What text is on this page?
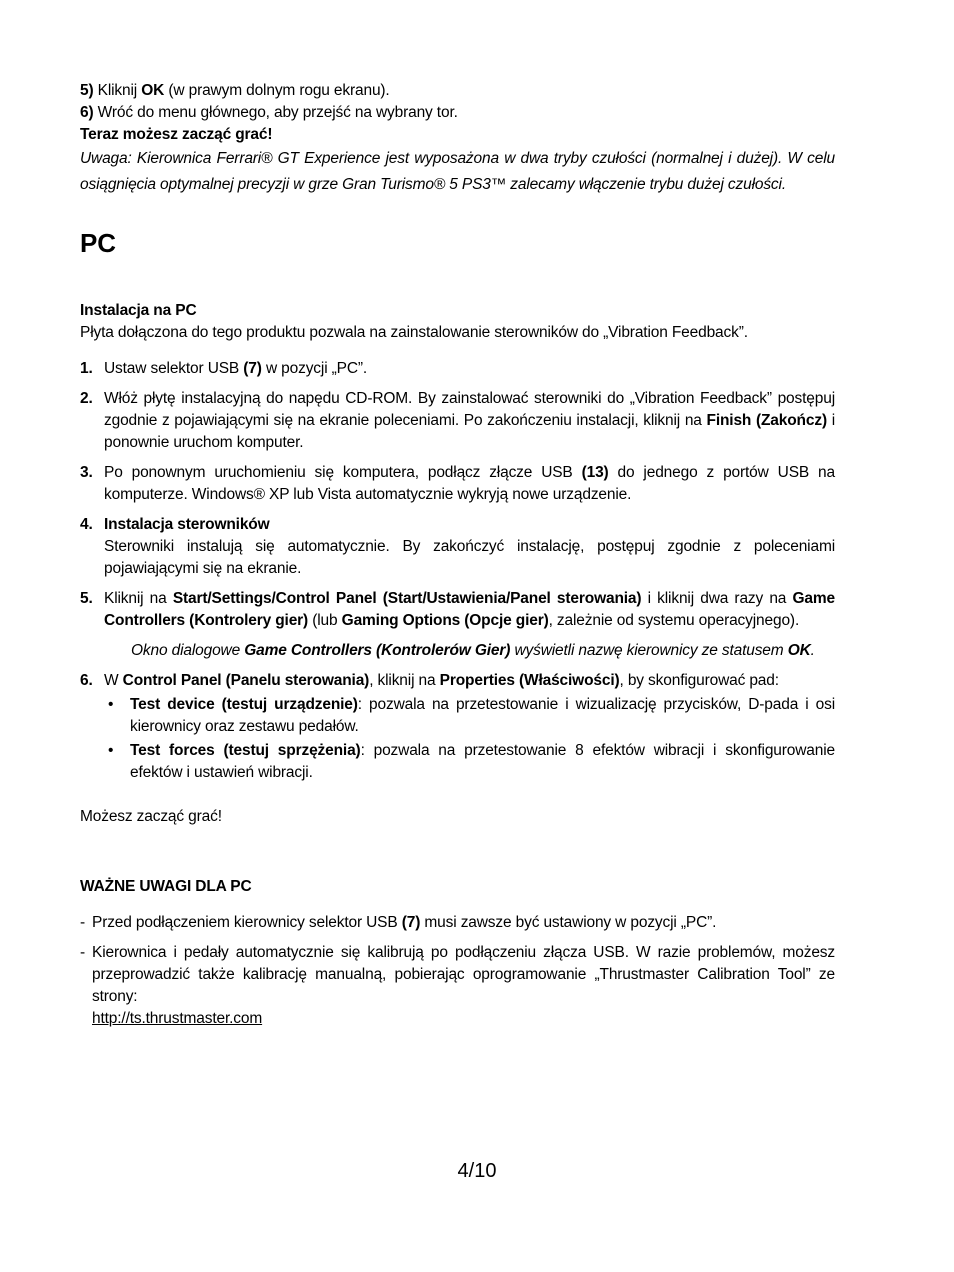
5) Kliknij OK (w prawym dolnym rogu ekranu).

6) Wróć do menu głównego, aby przejść na wybrany tor.

Teraz możesz zacząć grać!

Uwaga: Kierownica Ferrari® GT Experience jest wyposażona w dwa tryby czułości (normalnej i dużej). W celu osiągnięcia optymalnej precyzji w grze Gran Turismo® 5 PS3™ zalecamy włączenie trybu dużej czułości.

PC

Instalacja na PC

Płyta dołączona do tego produktu pozwala na zainstalowanie sterowników do „Vibration Feedback”.

1. Ustaw selektor USB (7) w pozycji „PC”.
2. Włóż płytę instalacyjną do napędu CD-ROM. By zainstalować sterowniki do „Vibration Feedback” postępuj zgodnie z pojawiającymi się na ekranie poleceniami. Po zakończeniu instalacji, kliknij na Finish (Zakończ) i ponownie uruchom komputer.
3. Po ponownym uruchomieniu się komputera, podłącz złącze USB (13) do jednego z portów USB na komputerze. Windows® XP lub Vista automatycznie wykryją nowe urządzenie.
4. Instalacja sterowników
Sterowniki instalują się automatycznie. By zakończyć instalację, postępuj zgodnie z poleceniami pojawiającymi się na ekranie.
5. Kliknij na Start/Settings/Control Panel (Start/Ustawienia/Panel sterowania) i kliknij dwa razy na Game Controllers (Kontrolery gier) (lub Gaming Options (Opcje gier), zależnie od systemu operacyjnego).
Okno dialogowe Game Controllers (Kontrolerów Gier) wyświetli nazwę kierownicy ze statusem OK.
6. W Control Panel (Panelu sterowania), kliknij na Properties (Właściwości), by skonfigurować pad:
• Test device (testuj urządzenie): pozwala na przetestowanie i wizualizację przycisków, D-pada i osi kierownicy oraz zestawu pedałów.
• Test forces (testuj sprzężenia): pozwala na przetestowanie 8 efektów wibracji i skonfigurowanie efektów i ustawień wibracji.

Możesz zacząć grać!

WAŻNE UWAGI DLA PC

- Przed podłączeniem kierownicy selektor USB (7) musi zawsze być ustawiony w pozycji „PC”.
- Kierownica i pedały automatycznie się kalibrują po podłączeniu złącza USB. W razie problemów, możesz przeprowadzić także kalibrację manualną, pobierając oprogramowanie „Thrustmaster Calibration Tool” ze strony:
http://ts.thrustmaster.com
4/10
